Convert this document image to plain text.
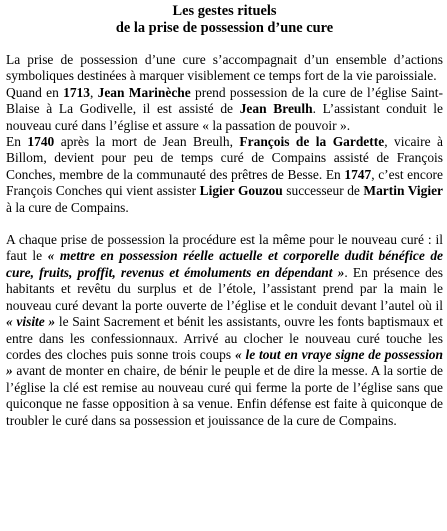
Les gestes rituels
de la prise de possession d’une cure

La prise de possession d’une cure s’accompagnait d’un ensemble d’actions symboliques destinées à marquer visiblement ce temps fort de la vie paroissiale.

Quand en 1713, Jean Marinèche prend possession de la cure de l’église Saint-Blaise à La Godivelle, il est assisté de Jean Breulh. L’assistant conduit le nouveau curé dans l’église et assure « la passation de pouvoir ».

En 1740 après la mort de Jean Breulh, François de la Gardette, vicaire à Billom, devient pour peu de temps curé de Compains assisté de François Conches, membre de la communauté des prêtres de Besse. En 1747, c’est encore François Conches qui vient assister Ligier Gouzou successeur de Martin Vigier à la cure de Compains.

A chaque prise de possession la procédure est la même pour le nouveau curé : il faut le « mettre en possession réelle actuelle et corporelle dudit bénéfice de cure, fruits, proffit, revenus et émoluments en dépendant ». En présence des habitants et revêtu du surplus et de l’étole, l’assistant prend par la main le nouveau curé devant la porte ouverte de l’église et le conduit devant l’autel où il « visite » le Saint Sacrement et bénit les assistants, ouvre les fonts baptismaux et entre dans les confessionnaux. Arrivé au clocher le nouveau curé touche les cordes des cloches puis sonne trois coups « le tout en vraye signe de possession » avant de monter en chaire, de bénir le peuple et de dire la messe. A la sortie de l’église la clé est remise au nouveau curé qui ferme la porte de l’église sans que quiconque ne fasse opposition à sa venue. Enfin défense est faite à quiconque de troubler le curé dans sa possession et jouissance de la cure de Compains.
